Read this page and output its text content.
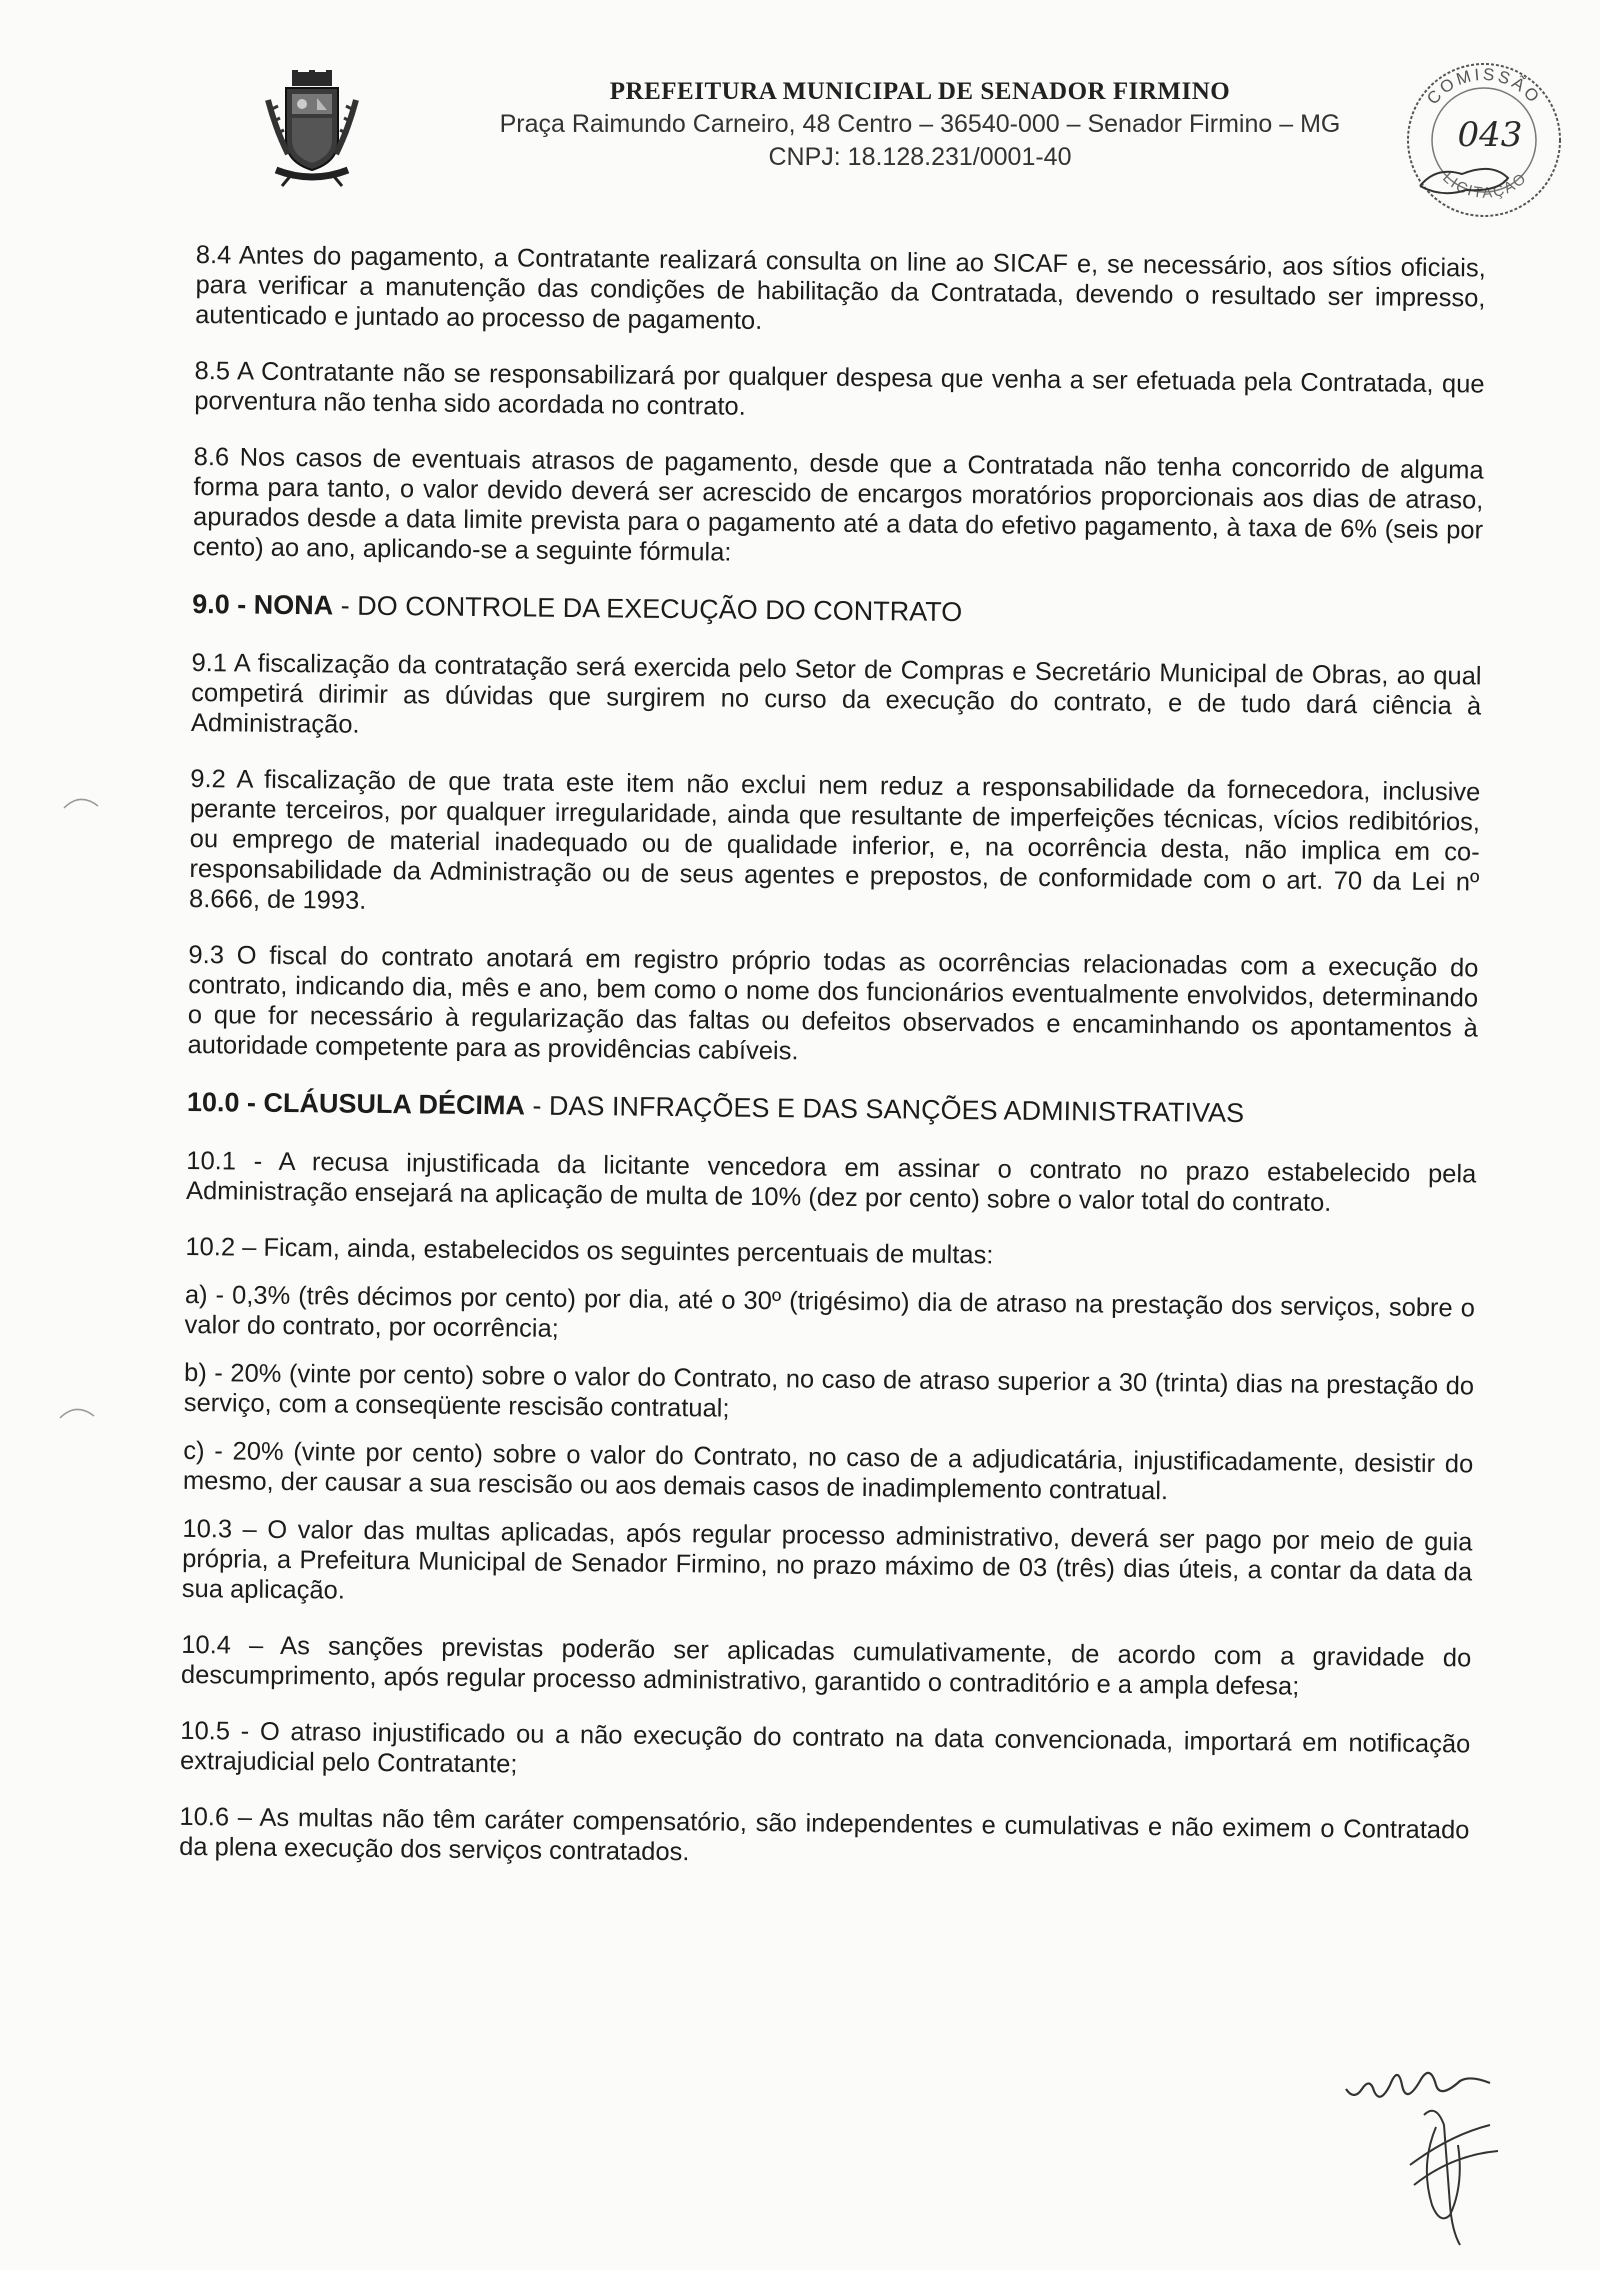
PREFEITURA MUNICIPAL DE SENADOR FIRMINO
Praça Raimundo Carneiro, 48 Centro – 36540-000 – Senador Firmino – MG
CNPJ: 18.128.231/0001-40
COMISSÃO
LICITAÇÃO
043

8.4 Antes do pagamento, a Contratante realizará consulta on line ao SICAF e, se necessário, aos sítios oficiais, para verificar a manutenção das condições de habilitação da Contratada, devendo o resultado ser impresso, autenticado e juntado ao processo de pagamento.

8.5 A Contratante não se responsabilizará por qualquer despesa que venha a ser efetuada pela Contratada, que porventura não tenha sido acordada no contrato.

8.6 Nos casos de eventuais atrasos de pagamento, desde que a Contratada não tenha concorrido de alguma forma para tanto, o valor devido deverá ser acrescido de encargos moratórios proporcionais aos dias de atraso, apurados desde a data limite prevista para o pagamento até a data do efetivo pagamento, à taxa de 6% (seis por cento) ao ano, aplicando-se a seguinte fórmula:

9.0 - NONA - DO CONTROLE DA EXECUÇÃO DO CONTRATO

9.1 A fiscalização da contratação será exercida pelo Setor de Compras e Secretário Municipal de Obras, ao qual competirá dirimir as dúvidas que surgirem no curso da execução do contrato, e de tudo dará ciência à Administração.

9.2 A fiscalização de que trata este item não exclui nem reduz a responsabilidade da fornecedora, inclusive perante terceiros, por qualquer irregularidade, ainda que resultante de imperfeições técnicas, vícios redibitórios, ou emprego de material inadequado ou de qualidade inferior, e, na ocorrência desta, não implica em co-responsabilidade da Administração ou de seus agentes e prepostos, de conformidade com o art. 70 da Lei nº 8.666, de 1993.

9.3 O fiscal do contrato anotará em registro próprio todas as ocorrências relacionadas com a execução do contrato, indicando dia, mês e ano, bem como o nome dos funcionários eventualmente envolvidos, determinando o que for necessário à regularização das faltas ou defeitos observados e encaminhando os apontamentos à autoridade competente para as providências cabíveis.

10.0 - CLÁUSULA DÉCIMA - DAS INFRAÇÕES E DAS SANÇÕES ADMINISTRATIVAS

10.1 - A recusa injustificada da licitante vencedora em assinar o contrato no prazo estabelecido pela Administração ensejará na aplicação de multa de 10% (dez por cento) sobre o valor total do contrato.

10.2 – Ficam, ainda, estabelecidos os seguintes percentuais de multas:

a) - 0,3% (três décimos por cento) por dia, até o 30º (trigésimo) dia de atraso na prestação dos serviços, sobre o valor do contrato, por ocorrência;

b) - 20% (vinte por cento) sobre o valor do Contrato, no caso de atraso superior a 30 (trinta) dias na prestação do serviço, com a conseqüente rescisão contratual;

c) - 20% (vinte por cento) sobre o valor do Contrato, no caso de a adjudicatária, injustificadamente, desistir do mesmo, der causar a sua rescisão ou aos demais casos de inadimplemento contratual.

10.3 – O valor das multas aplicadas, após regular processo administrativo, deverá ser pago por meio de guia própria, a Prefeitura Municipal de Senador Firmino, no prazo máximo de 03 (três) dias úteis, a contar da data da sua aplicação.

10.4 – As sanções previstas poderão ser aplicadas cumulativamente, de acordo com a gravidade do descumprimento, após regular processo administrativo, garantido o contraditório e a ampla defesa;

10.5 - O atraso injustificado ou a não execução do contrato na data convencionada, importará em notificação extrajudicial pelo Contratante;

10.6 – As multas não têm caráter compensatório, são independentes e cumulativas e não eximem o Contratado da plena execução dos serviços contratados.
